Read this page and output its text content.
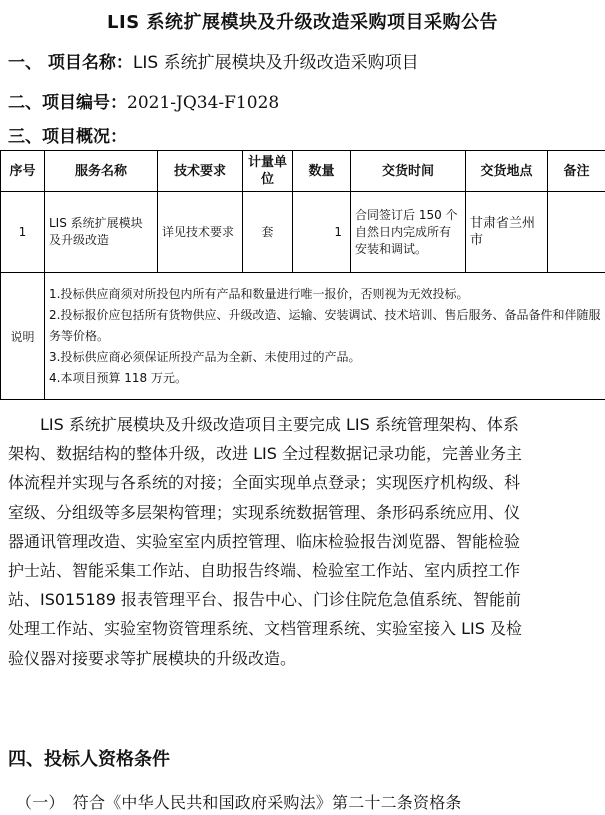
LIS 系统扩展模块及升级改造采购项目采购公告
一、 项目名称：LIS 系统扩展模块及升级改造采购项目
二、项目编号：2021-JQ34-F1028
三、项目概况：
序号	服务名称	技术要求	计量单位	数量	交货时间	交货地点	备注
1	LIS 系统扩展模块及升级改造	详见技术要求	套	1	合同签订后 150 个自然日内完成所有安装和调试。	甘肃省兰州市	
说明	1.投标供应商须对所投包内所有产品和数量进行唯一报价，否则视为无效投标。
2.投标报价应包括所有货物供应、升级改造、运输、安装调试、技术培训、售后服务、备品备件和伴随服务等价格。
3.投标供应商必须保证所投产品为全新、未使用过的产品。
4.本项目预算 118 万元。						
　　LIS 系统扩展模块及升级改造项目主要完成 LIS 系统管理架构、体系
架构、数据结构的整体升级，改进 LIS 全过程数据记录功能，完善业务主
体流程并实现与各系统的对接；全面实现单点登录；实现医疗机构级、科
室级、分组级等多层架构管理；实现系统数据管理、条形码系统应用、仪
器通讯管理改造、实验室室内质控管理、临床检验报告浏览器、智能检验
护士站、智能采集工作站、自助报告终端、检验室工作站、室内质控工作
站、IS015189 报表管理平台、报告中心、门诊住院危急值系统、智能前
处理工作站、实验室物资管理系统、文档管理系统、实验室接入 LIS 及检
验仪器对接要求等扩展模块的升级改造。
四、投标人资格条件
（一）　符合《中华人民共和国政府采购法》第二十二条资格条
